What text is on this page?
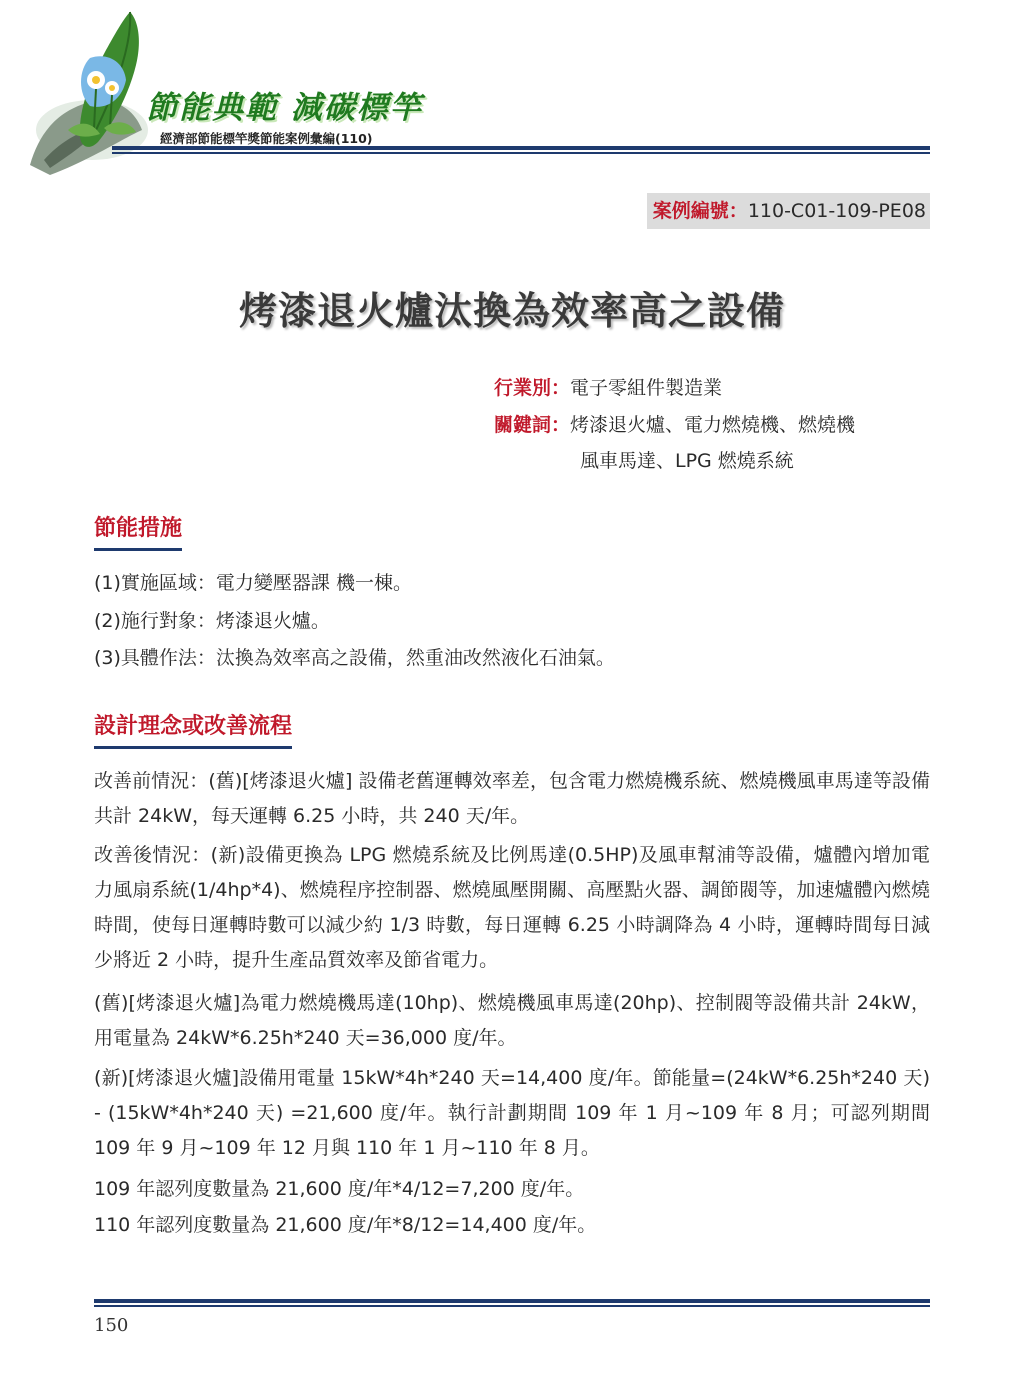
節能典範 減碳標竿
經濟部節能標竿獎節能案例彙編(110)
案例編號：110-C01-109-PE08
烤漆退火爐汰換為效率高之設備
行業別：電子零組件製造業
關鍵詞：烤漆退火爐、電力燃燒機、燃燒機
風車馬達、LPG 燃燒系統
節能措施
(1)實施區域：電力變壓器課 機一棟。
(2)施行對象：烤漆退火爐。
(3)具體作法：汰換為效率高之設備，然重油改然液化石油氣。
設計理念或改善流程

改善前情況：(舊)[烤漆退火爐] 設備老舊運轉效率差，包含電力燃燒機系統、燃燒機風車馬達等設備共計 24kW，每天運轉 6.25 小時，共 240 天/年。

改善後情況：(新)設備更換為 LPG 燃燒系統及比例馬達(0.5HP)及風車幫浦等設備，爐體內增加電力風扇系統(1/4hp*4)、燃燒程序控制器、燃燒風壓開關、高壓點火器、調節閥等，加速爐體內燃燒時間，使每日運轉時數可以減少約 1/3 時數，每日運轉 6.25 小時調降為 4 小時，運轉時間每日減少將近 2 小時，提升生產品質效率及節省電力。

(舊)[烤漆退火爐]為電力燃燒機馬達(10hp)、燃燒機風車馬達(20hp)、控制閥等設備共計 24kW，用電量為 24kW*6.25h*240 天=36,000 度/年。

(新)[烤漆退火爐]設備用電量 15kW*4h*240 天=14,400 度/年。節能量=(24kW*6.25h*240 天) - (15kW*4h*240 天) =21,600 度/年。執行計劃期間 109 年 1 月~109 年 8 月；可認列期間 109 年 9 月~109 年 12 月與 110 年 1 月~110 年 8 月。

109 年認列度數量為 21,600 度/年*4/12=7,200 度/年。

110 年認列度數量為 21,600 度/年*8/12=14,400 度/年。

150
